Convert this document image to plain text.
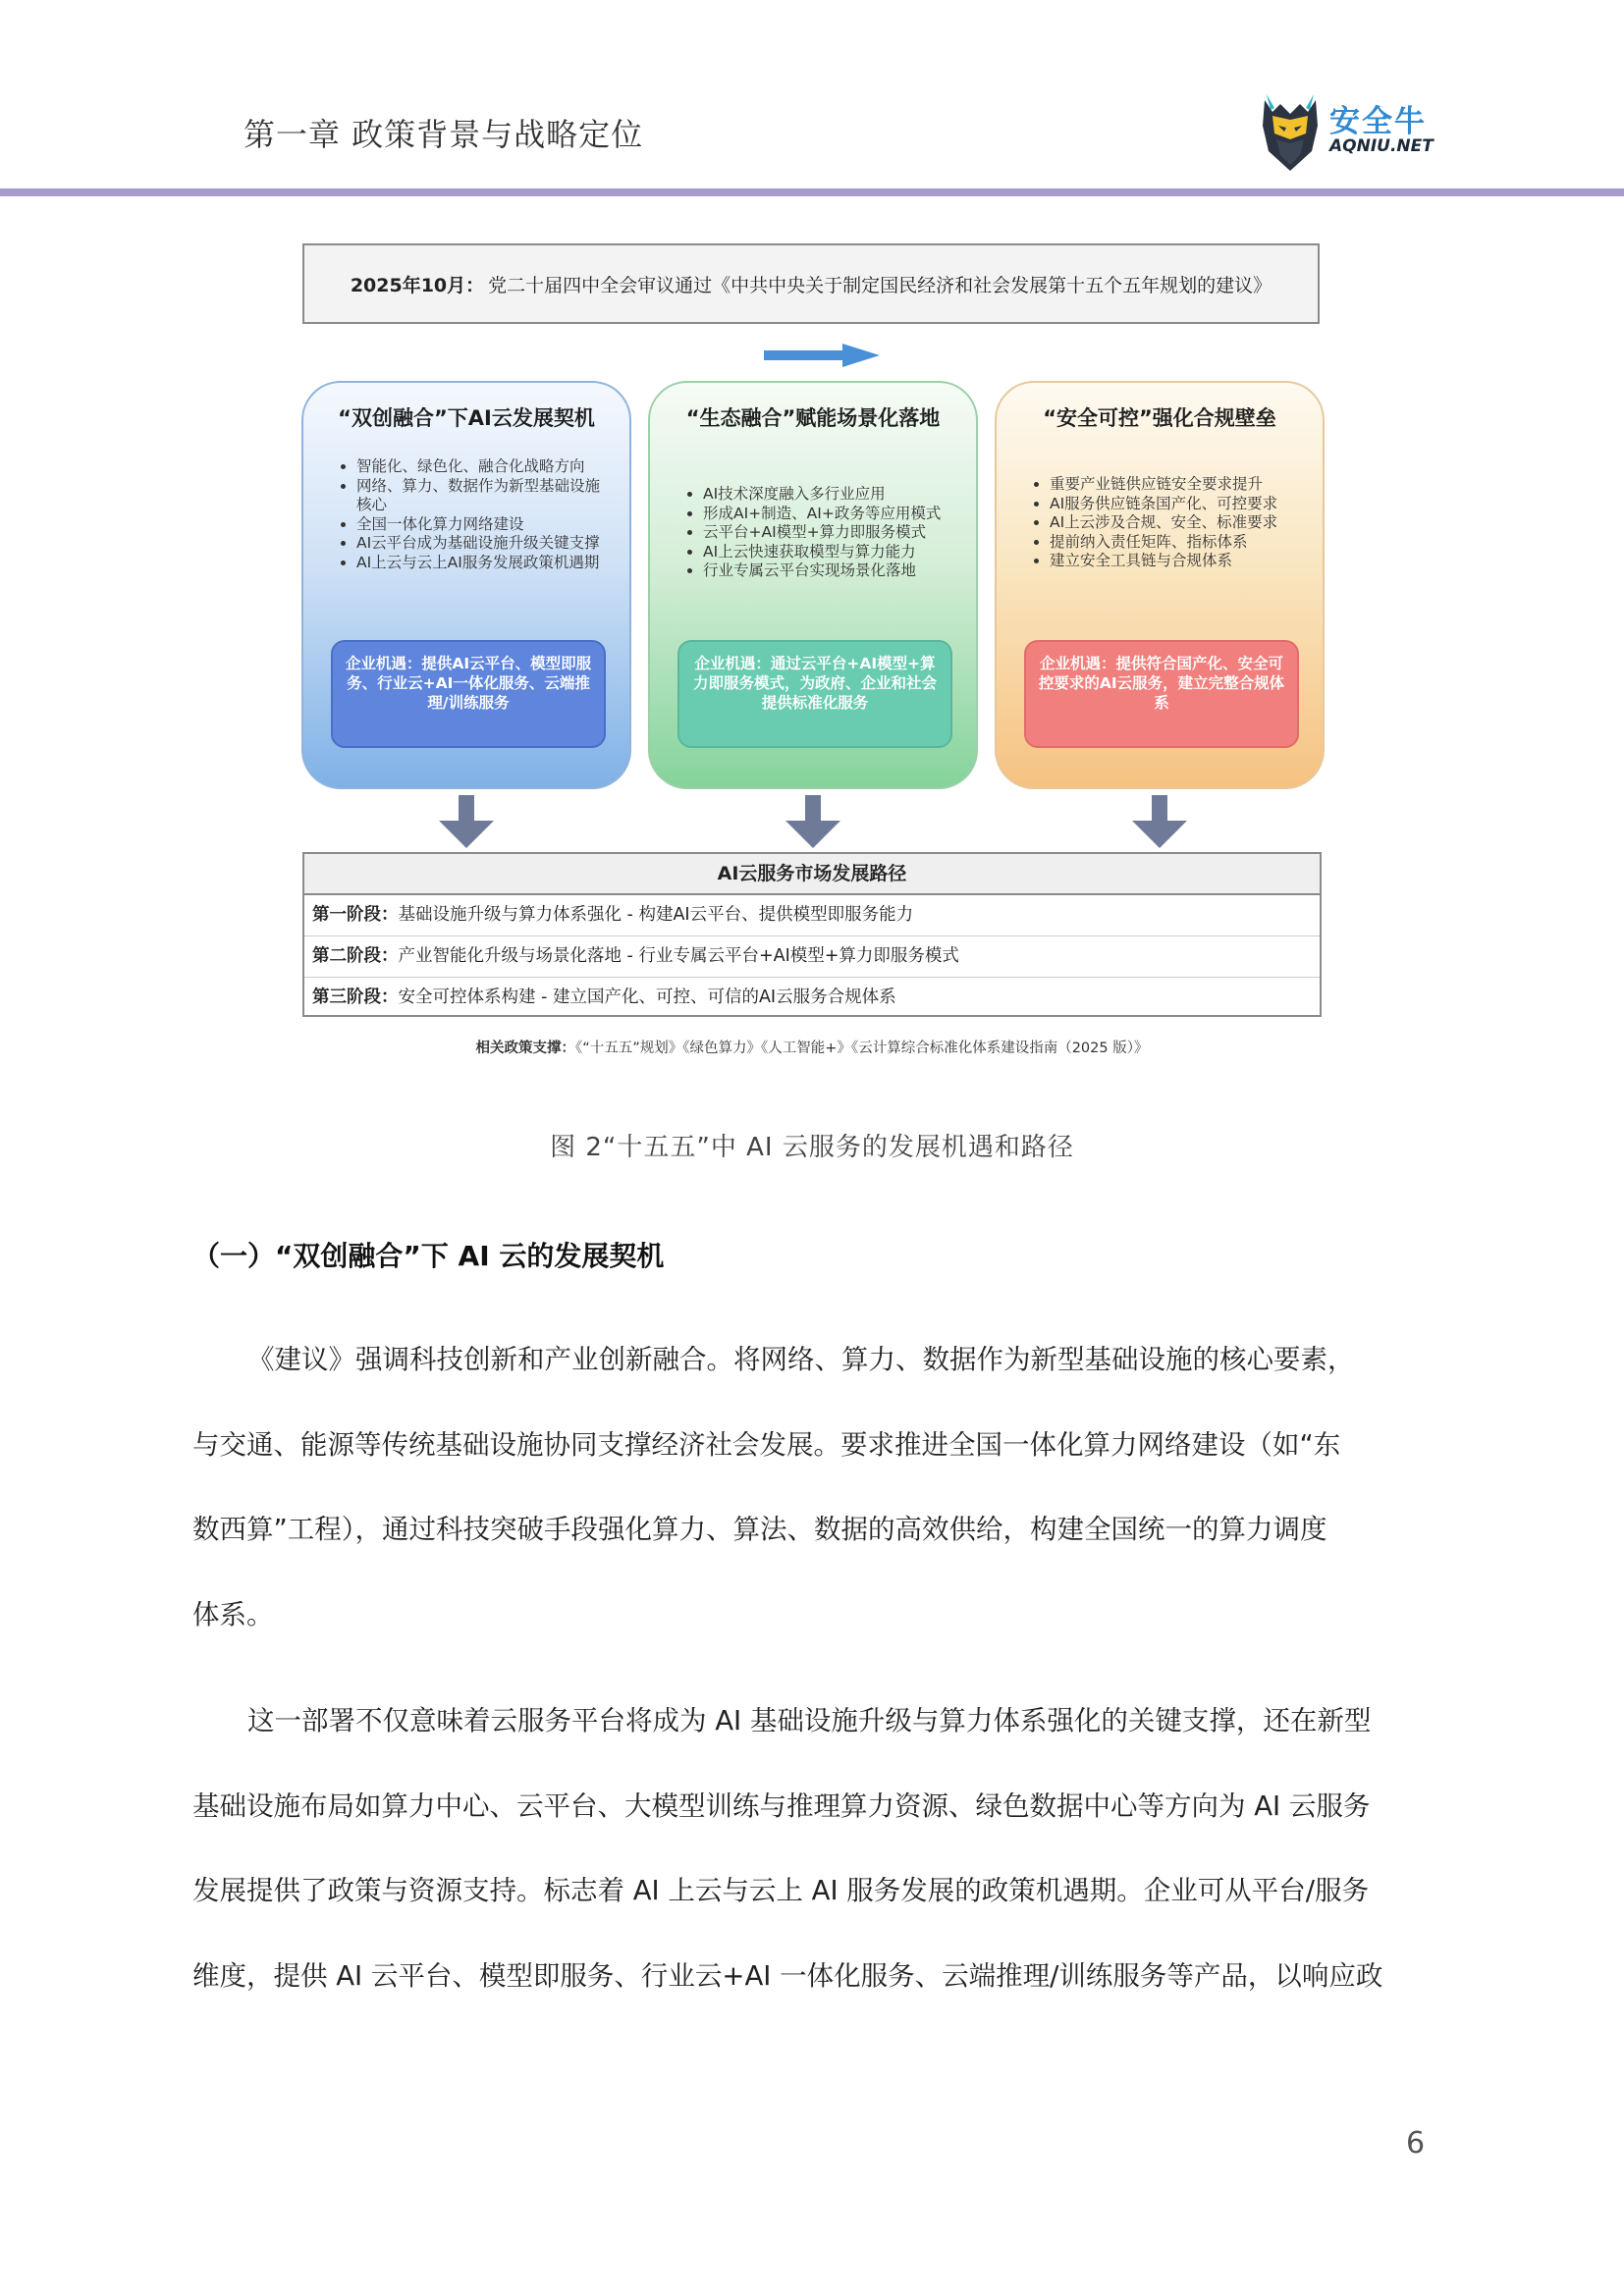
第一章 政策背景与战略定位	安全牛
AQNIU.NET
2025年10月： 党二十届四中全会审议通过《中共中央关于制定国民经济和社会发展第十五个五年规划的建议》
“双创融合”下AI云发展契机
• 智能化、绿色化、融合化战略方向
• 网络、算力、数据作为新型基础设施核心
• 全国一体化算力网络建设
• AI云平台成为基础设施升级关键支撑
• AI上云与云上AI服务发展政策机遇期
企业机遇：提供AI云平台、模型即服务、行业云+AI一体化服务、云端推理/训练服务
“生态融合”赋能场景化落地
• AI技术深度融入多行业应用
• 形成AI+制造、AI+政务等应用模式
• 云平台+AI模型+算力即服务模式
• AI上云快速获取模型与算力能力
• 行业专属云平台实现场景化落地
企业机遇：通过云平台+AI模型+算力即服务模式，为政府、企业和社会提供标准化服务
“安全可控”强化合规壁垒
• 重要产业链供应链安全要求提升
• AI服务供应链条国产化、可控要求
• AI上云涉及合规、安全、标准要求
• 提前纳入责任矩阵、指标体系
• 建立安全工具链与合规体系
企业机遇：提供符合国产化、安全可控要求的AI云服务，建立完整合规体系
AI云服务市场发展路径
第一阶段：基础设施升级与算力体系强化 - 构建AI云平台、提供模型即服务能力
第二阶段：产业智能化升级与场景化落地 - 行业专属云平台+AI模型+算力即服务模式
第三阶段：安全可控体系构建 - 建立国产化、可控、可信的AI云服务合规体系
相关政策支撑：《“十五五”规划》《绿色算力》《人工智能+》《云计算综合标准化体系建设指南（2025 版）》
图 2“十五五”中 AI 云服务的发展机遇和路径
（一）“双创融合”下 AI 云的发展契机
《建议》强调科技创新和产业创新融合。将网络、算力、数据作为新型基础设施的核心要素，
与交通、能源等传统基础设施协同支撑经济社会发展。要求推进全国一体化算力网络建设（如“东
数西算”工程），通过科技突破手段强化算力、算法、数据的高效供给，构建全国统一的算力调度
体系。
这一部署不仅意味着云服务平台将成为 AI 基础设施升级与算力体系强化的关键支撑，还在新型
基础设施布局如算力中心、云平台、大模型训练与推理算力资源、绿色数据中心等方向为 AI 云服务
发展提供了政策与资源支持。标志着 AI 上云与云上 AI 服务发展的政策机遇期。企业可从平台/服务
维度，提供 AI 云平台、模型即服务、行业云+AI 一体化服务、云端推理/训练服务等产品，以响应政
6
